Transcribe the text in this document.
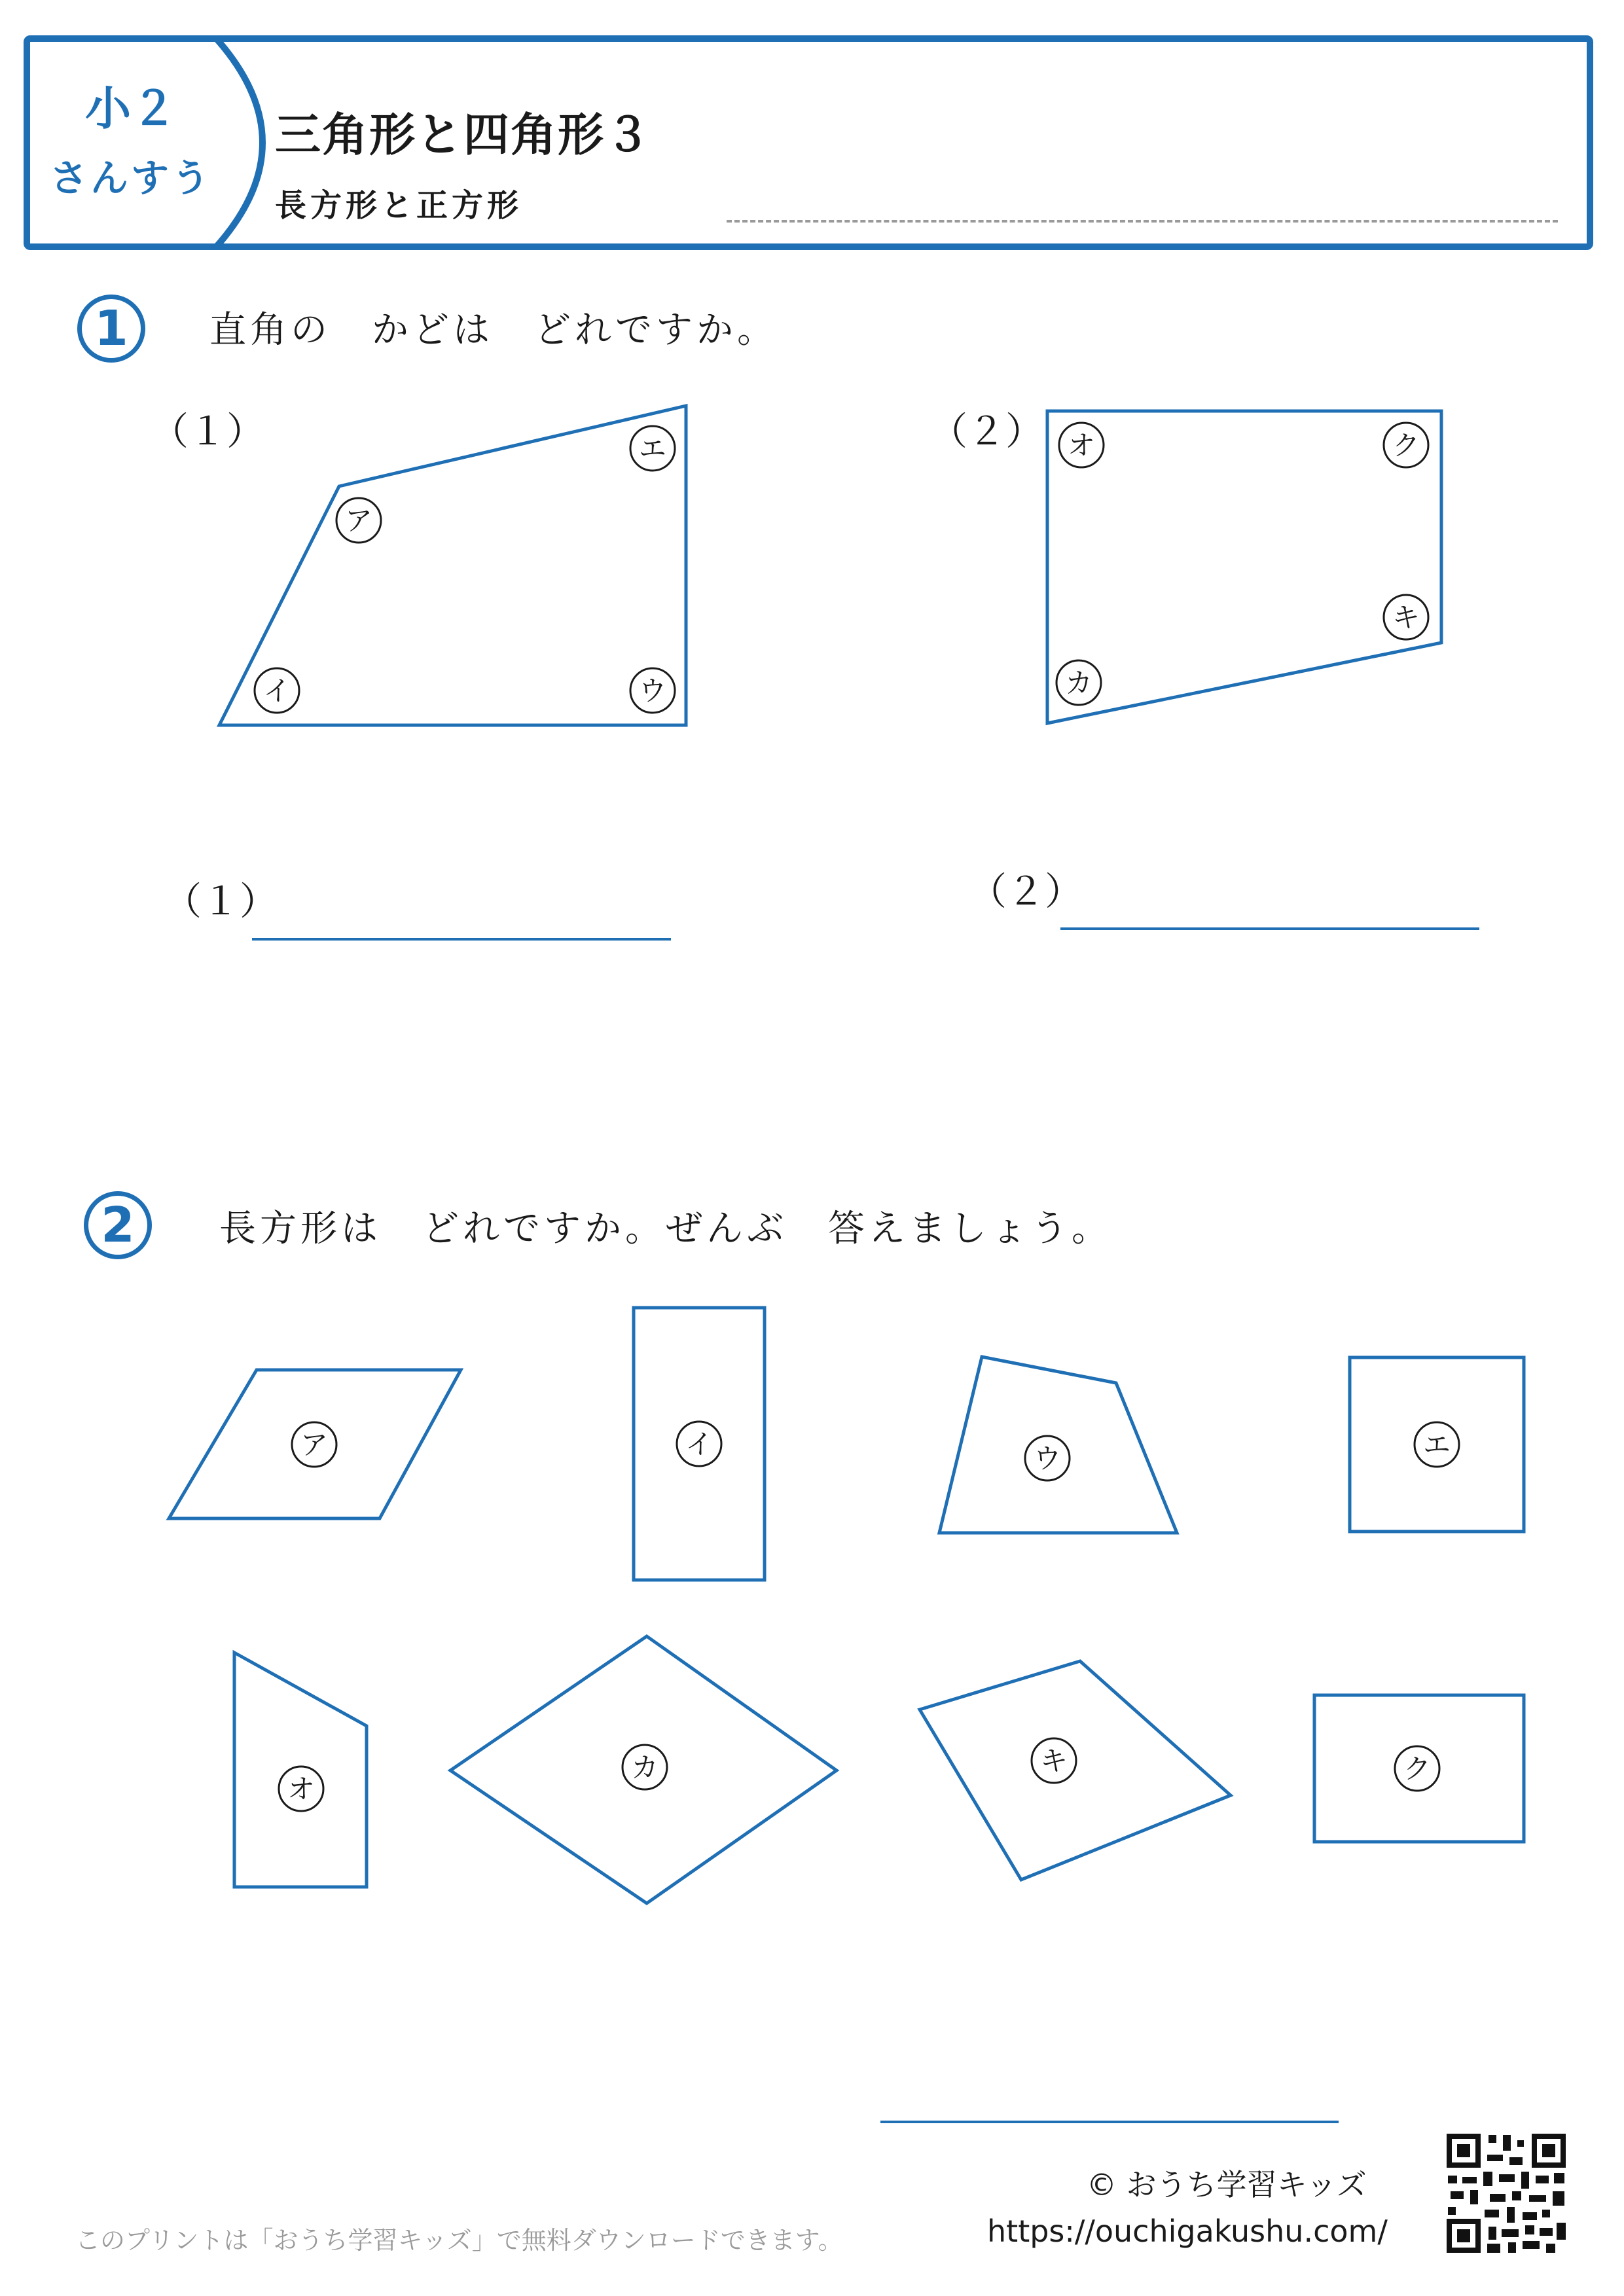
小２
さんすう
三角形と四角形３
長方形と正方形
1	直角の　かどは　どれですか。
（１）	（２）
（１）	（２）
2	長方形は　どれですか。ぜんぶ　答えましょう。
ア
イ	ウ
エ	オ
カ
キ
ク
ア	イ	ウ	エ
オ
カ	キ	ク
このプリントは「おうち学習キッズ」で無料ダウンロードできます。
© おうち学習キッズ
https://ouchigakushu.com/
